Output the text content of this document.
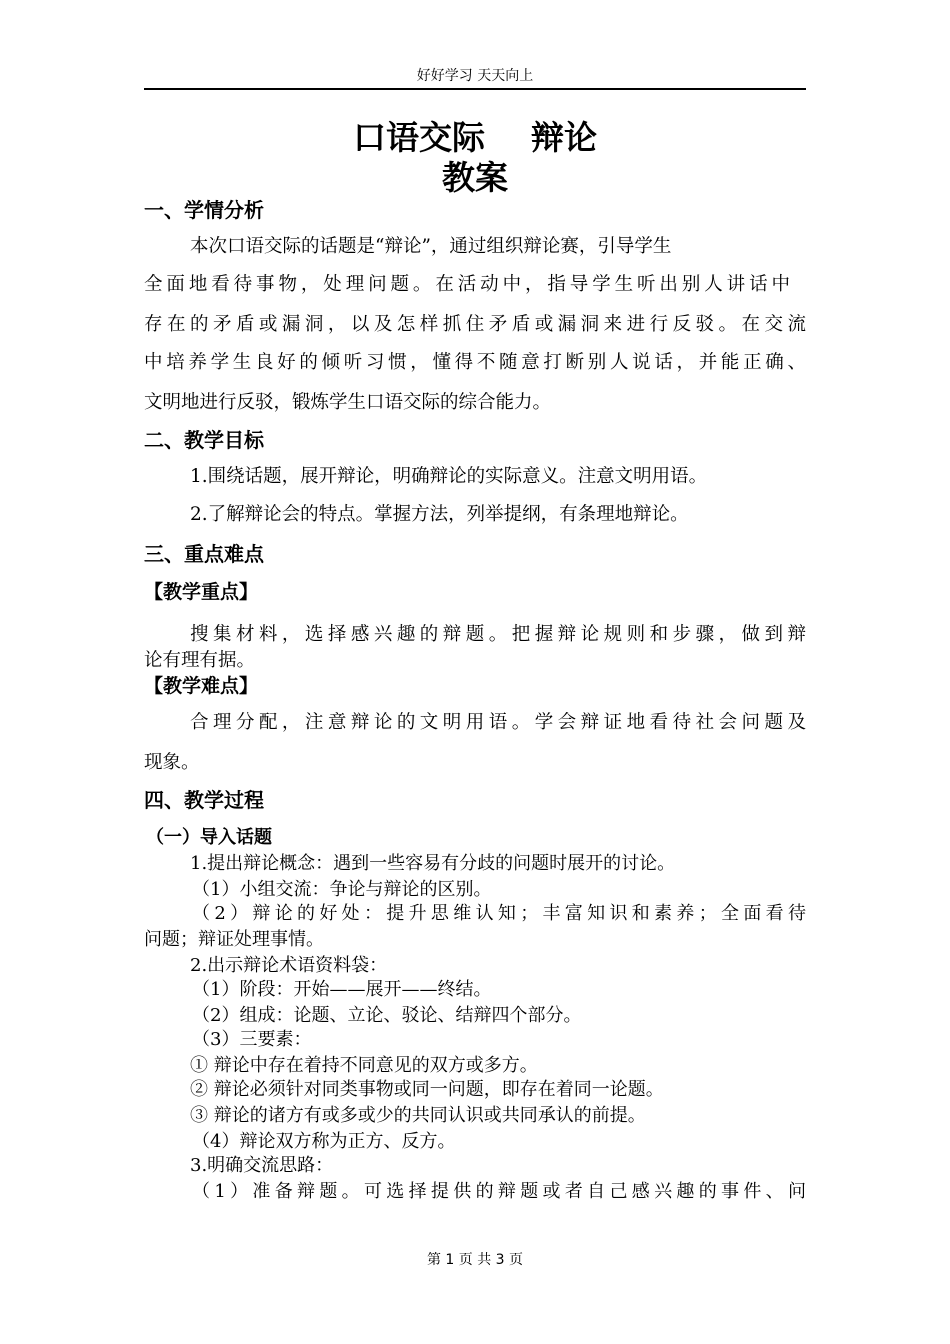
好好学习 天天向上
口语交际    辩论
教案
一、学情分析
本次口语交际的话题是“辩论”，通过组织辩论赛，引导学生
全面地看待事物，处理问题。在活动中，指导学生听出别人讲话中
存在的矛盾或漏洞，以及怎样抓住矛盾或漏洞来进行反驳。在交流
中培养学生良好的倾听习惯，懂得不随意打断别人说话，并能正确、
文明地进行反驳，锻炼学生口语交际的综合能力。
二、教学目标
1.围绕话题，展开辩论，明确辩论的实际意义。注意文明用语。
2.了解辩论会的特点。掌握方法，列举提纲，有条理地辩论。
三、重点难点
【教学重点】
搜集材料，选择感兴趣的辩题。把握辩论规则和步骤，做到辩
论有理有据。
【教学难点】
合理分配，注意辩论的文明用语。学会辩证地看待社会问题及
现象。
四、教学过程
（一）导入话题
1.提出辩论概念：遇到一些容易有分歧的问题时展开的讨论。
（1）小组交流：争论与辩论的区别。
（2）辩论的好处：提升思维认知；丰富知识和素养；全面看待
问题；辩证处理事情。
2.出示辩论术语资料袋：
（1）阶段：开始——展开——终结。
（2）组成：论题、立论、驳论、结辩四个部分。
（3）三要素：
① 辩论中存在着持不同意见的双方或多方。
② 辩论必须针对同类事物或同一问题，即存在着同一论题。
③ 辩论的诸方有或多或少的共同认识或共同承认的前提。
（4）辩论双方称为正方、反方。
3.明确交流思路：
（1）准备辩题。可选择提供的辩题或者自己感兴趣的事件、问
第 1 页 共 3 页
